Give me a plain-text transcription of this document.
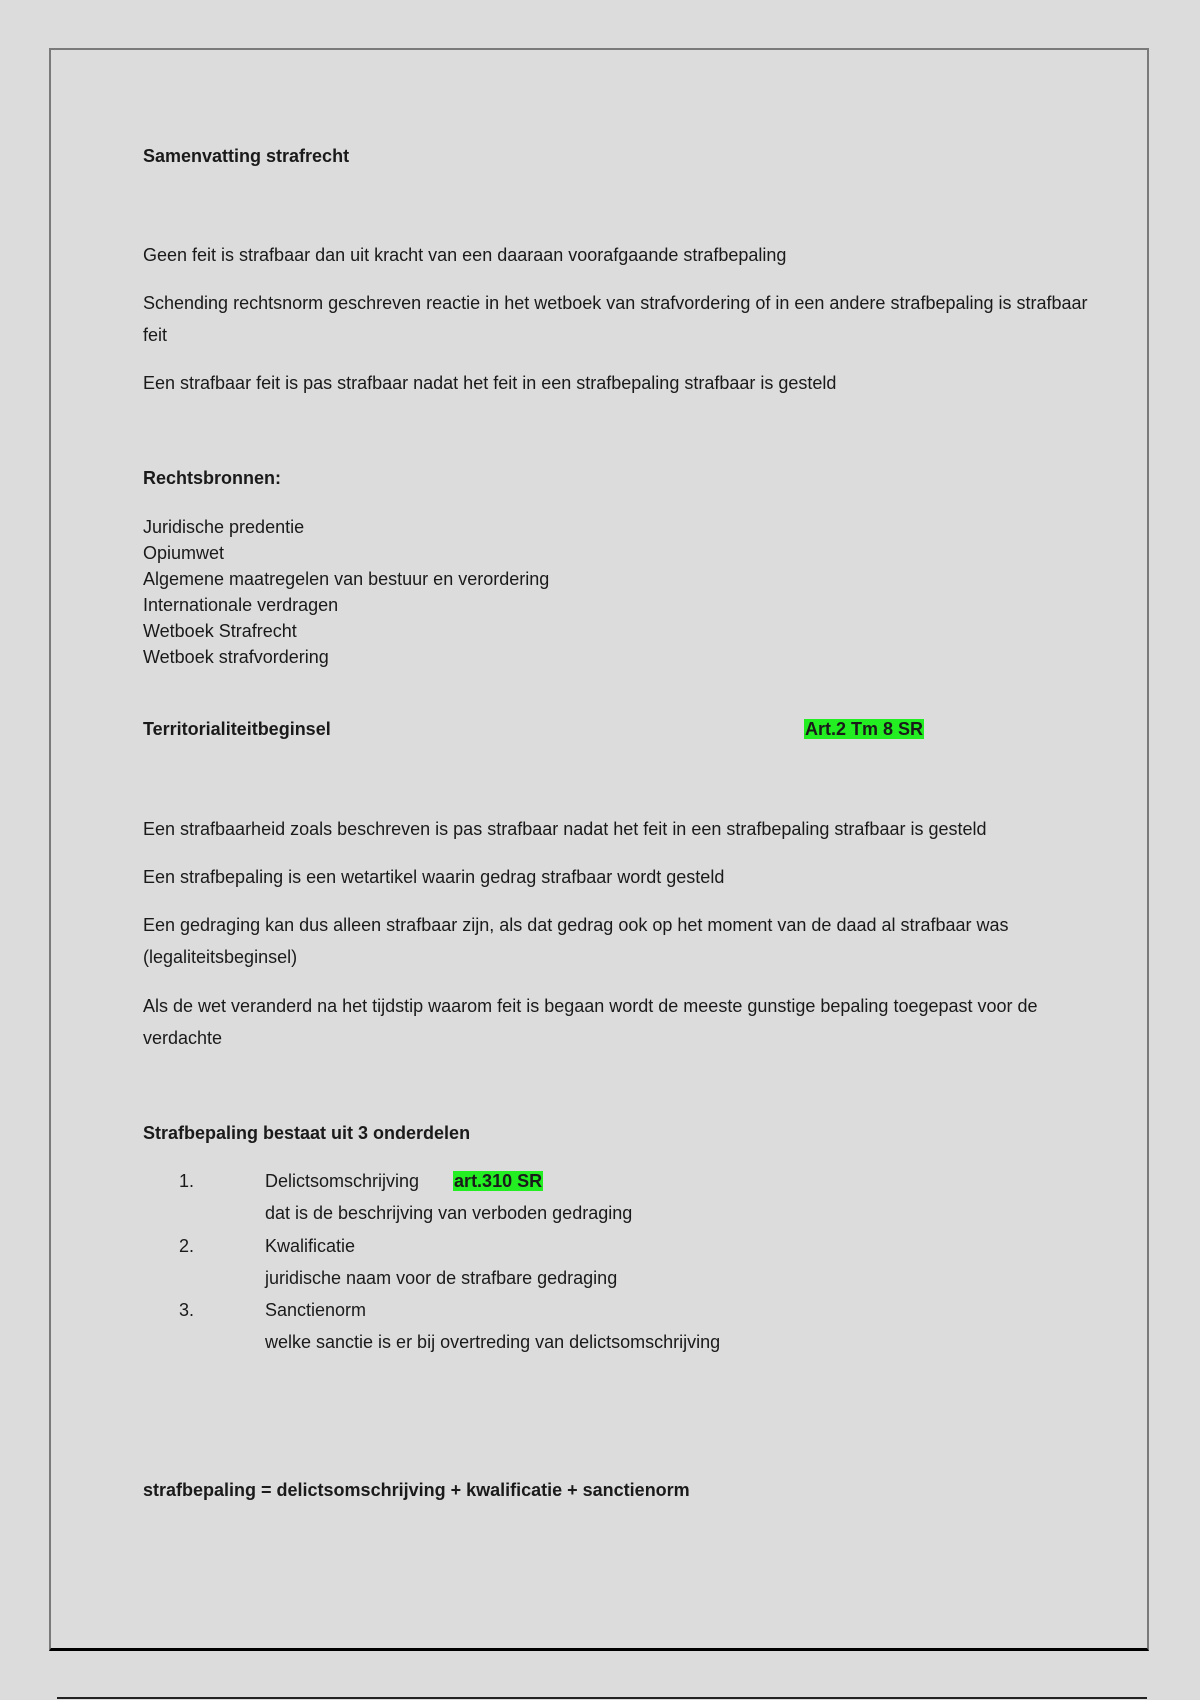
Samenvatting strafrecht
Geen feit is strafbaar dan uit kracht van een daaraan voorafgaande strafbepaling
Schending rechtsnorm geschreven reactie in het wetboek van strafvordering of in een andere strafbepaling is strafbaar feit
Een strafbaar feit is pas strafbaar nadat het feit in een strafbepaling strafbaar is gesteld
Rechtsbronnen:
Juridische predentie
Opiumwet
Algemene maatregelen van bestuur en verordering
Internationale verdragen
Wetboek Strafrecht
Wetboek strafvordering
Territorialiteitbeginsel	Art.2 Tm 8 SR
Een strafbaarheid zoals beschreven is pas strafbaar nadat het feit in een strafbepaling strafbaar is gesteld
Een strafbepaling is een wetartikel waarin gedrag strafbaar wordt gesteld
Een gedraging kan dus alleen strafbaar zijn, als dat gedrag ook op het moment van de daad al strafbaar was (legaliteitsbeginsel)
Als de wet veranderd na het tijdstip waarom feit is begaan wordt de meeste gunstige bepaling toegepast voor de verdachte
Strafbepaling bestaat uit 3 onderdelen
1.	Delictsomschrijving art.310 SR
dat is de beschrijving van verboden gedraging
2.	Kwalificatie
juridische naam voor de strafbare gedraging
3.	Sanctienorm
welke sanctie is er bij overtreding van delictsomschrijving
strafbepaling = delictsomschrijving + kwalificatie + sanctienorm
